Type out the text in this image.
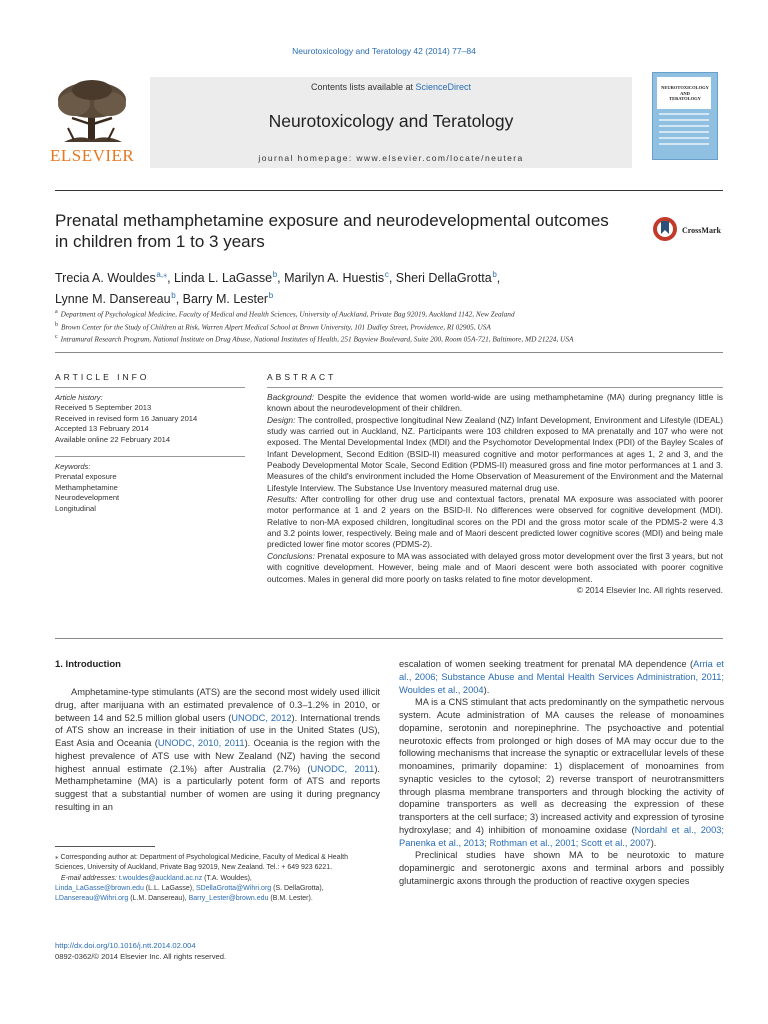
Neurotoxicology and Teratology 42 (2014) 77–84
ELSEVIER
Contents lists available at ScienceDirect
Neurotoxicology and Teratology
journal homepage: www.elsevier.com/locate/neutera
NEUROTOXICOLOGY
AND
TERATOLOGY
Prenatal methamphetamine exposure and neurodevelopmental outcomes in children from 1 to 3 years
CrossMark
Trecia A. Wouldes $^{a,⁎}$, Linda L. LaGasse $^b$, Marilyn A. Huestis $^c$, Sheri DellaGrotta $^b$,
Lynne M. Dansereau $^b$, Barry M. Lester $^b$
$^a$ Department of Psychological Medicine, Faculty of Medical and Health Sciences, University of Auckland, Private Bag 92019, Auckland 1142, New Zealand
$^b$ Brown Center for the Study of Children at Risk, Warren Alpert Medical School at Brown University, 101 Dudley Street, Providence, RI 02905, USA
$^c$ Intramural Research Program, National Institute on Drug Abuse, National Institutes of Health, 251 Bayview Boulevard, Suite 200, Room 05A-721, Baltimore, MD 21224, USA
ARTICLE INFO	ABSTRACT
Article history:
Received 5 September 2013
Received in revised form 16 January 2014
Accepted 13 February 2014
Available online 22 February 2014
Keywords:
Prenatal exposure
Methamphetamine
Neurodevelopment
Longitudinal

Background: Despite the evidence that women world-wide are using methamphetamine (MA) during pregnancy little is known about the neurodevelopment of their children.

Design: The controlled, prospective longitudinal New Zealand (NZ) Infant Development, Environment and Lifestyle (IDEAL) study was carried out in Auckland, NZ. Participants were 103 children exposed to MA prenatally and 107 who were not exposed. The Mental Developmental Index (MDI) and the Psychomotor Developmental Index (PDI) of the Bayley Scales of Infant Development, Second Edition (BSID-II) measured cognitive and motor performances at ages 1, 2 and 3, and the Peabody Developmental Motor Scale, Second Edition (PDMS-II) measured gross and fine motor performances at 1 and 3. Measures of the child's environment included the Home Observation of Measurement of the Environment and the Maternal Lifestyle Interview. The Substance Use Inventory measured maternal drug use.

Results: After controlling for other drug use and contextual factors, prenatal MA exposure was associated with poorer motor performance at 1 and 2 years on the BSID-II. No differences were observed for cognitive development (MDI). Relative to non-MA exposed children, longitudinal scores on the PDI and the gross motor scale of the PDMS-2 were 4.3 and 3.2 points lower, respectively. Being male and of Maori descent predicted lower cognitive scores (MDI) and being male predicted lower fine motor scores (PDMS-2).

Conclusions: Prenatal exposure to MA was associated with delayed gross motor development over the first 3 years, but not with cognitive development. However, being male and of Maori descent were both associated with poorer cognitive outcomes. Males in general did more poorly on tasks related to fine motor development.

© 2014 Elsevier Inc. All rights reserved.

1. Introduction

Amphetamine-type stimulants (ATS) are the second most widely used illicit drug, after marijuana with an estimated prevalence of 0.3–1.2% in 2010, or between 14 and 52.5 million global users (UNODC, 2012). International trends of ATS show an increase in their initiation of use in the United States (US), East Asia and Oceania (UNODC, 2010, 2011). Oceania is the region with the highest prevalence of ATS use with New Zealand (NZ) having the second highest annual estimate (2.1%) after Australia (2.7%) (UNODC, 2011). Methamphetamine (MA) is a particularly potent form of ATS and reports suggest that a substantial number of women are using it during pregnancy resulting in an

escalation of women seeking treatment for prenatal MA dependence (Arria et al., 2006; Substance Abuse and Mental Health Services Administration, 2011; Wouldes et al., 2004).

MA is a CNS stimulant that acts predominantly on the sympathetic nervous system. Acute administration of MA causes the release of monoamines dopamine, serotonin and norepinephrine. The psychoactive and potential neurotoxic effects from prolonged or high doses of MA may occur due to the following mechanisms that increase the synaptic or extracellular levels of these monoamines, primarily dopamine: 1) displacement of monoamines from synaptic vesicles to the cytosol; 2) reverse transport of neurotransmitters through plasma membrane transporters and through blocking the activity of dopamine transporters as well as decreasing the expression of these transporters at the cell surface; 3) increased activity and expression of tyrosine hydroxylase; and 4) inhibition of monoamine oxidase (Nordahl et al., 2003; Panenka et al., 2013; Rothman et al., 2001; Scott et al., 2007).

Preclinical studies have shown MA to be neurotoxic to mature dopaminergic and serotonergic axons and terminal arbors and possibly glutaminergic axons through the production of reactive oxygen species

⁎ Corresponding author at: Department of Psychological Medicine, Faculty of Medical & Health Sciences, University of Auckland, Private Bag 92019, New Zealand. Tel.: + 649 923 6221.
E-mail addresses: t.wouldes@auckland.ac.nz (T.A. Wouldes),
Linda_LaGasse@brown.edu (L.L. LaGasse), SDellaGrotta@Wihri.org (S. DellaGrotta),
LDansereau@Wihri.org (L.M. Dansereau), Barry_Lester@brown.edu (B.M. Lester).
http://dx.doi.org/10.1016/j.ntt.2014.02.004
0892-0362/© 2014 Elsevier Inc. All rights reserved.
